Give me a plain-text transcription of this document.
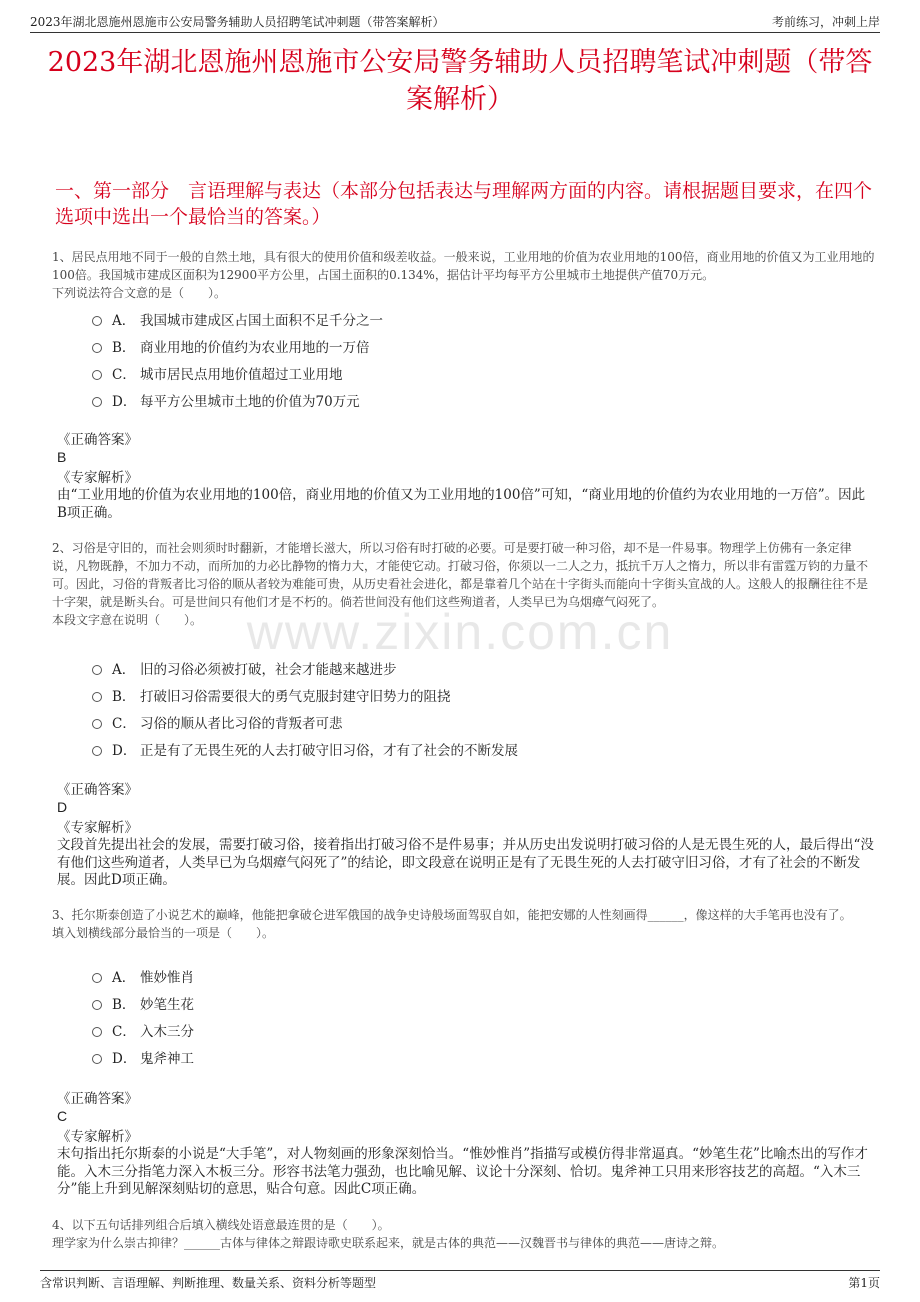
2023年湖北恩施州恩施市公安局警务辅助人员招聘笔试冲刺题（带答案解析）	考前练习，冲刺上岸
2023年湖北恩施州恩施市公安局警务辅助人员招聘笔试冲刺题（带答案解析）
一、第一部分　言语理解与表达（本部分包括表达与理解两方面的内容。请根据题目要求，在四个选项中选出一个最恰当的答案。）

1、居民点用地不同于一般的自然土地，具有很大的使用价值和级差收益。一般来说，工业用地的价值为农业用地的100倍，商业用地的价值又为工业用地的100倍。我国城市建成区面积为12900平方公里，占国土面积的0.134%，据估计平均每平方公里城市土地提供产值70万元。

下列说法符合文意的是（　　）。

A． 我国城市建成区占国土面积不足千分之一
B． 商业用地的价值约为农业用地的一万倍
C． 城市居民点用地价值超过工业用地
D． 每平方公里城市土地的价值为70万元
《正确答案》
B
《专家解析》
由“工业用地的价值为农业用地的100倍，商业用地的价值又为工业用地的100倍”可知，“商业用地的价值约为农业用地的一万倍”。因此B项正确。

2、习俗是守旧的，而社会则须时时翻新，才能增长滋大，所以习俗有时打破的必要。可是要打破一种习俗，却不是一件易事。物理学上仿佛有一条定律说，凡物既静，不加力不动，而所加的力必比静物的惰力大，才能使它动。打破习俗，你须以一二人之力，抵抗千万人之惰力，所以非有雷霆万钧的力量不可。因此，习俗的背叛者比习俗的顺从者较为难能可贵，从历史看社会进化，都是靠着几个站在十字街头而能向十字街头宣战的人。这般人的报酬往往不是十字架，就是断头台。可是世间只有他们才是不朽的。倘若世间没有他们这些殉道者，人类早已为乌烟瘴气闷死了。

本段文字意在说明（　　）。

A． 旧的习俗必须被打破，社会才能越来越进步
B． 打破旧习俗需要很大的勇气克服封建守旧势力的阻挠
C． 习俗的顺从者比习俗的背叛者可悲
D． 正是有了无畏生死的人去打破守旧习俗，才有了社会的不断发展
《正确答案》
D
《专家解析》
文段首先提出社会的发展，需要打破习俗，接着指出打破习俗不是件易事；并从历史出发说明打破习俗的人是无畏生死的人，最后得出“没有他们这些殉道者，人类早已为乌烟瘴气闷死了”的结论，即文段意在说明正是有了无畏生死的人去打破守旧习俗，才有了社会的不断发展。因此D项正确。

3、托尔斯泰创造了小说艺术的巅峰，他能把拿破仑进军俄国的战争史诗般场面驾驭自如，能把安娜的人性刻画得______，像这样的大手笔再也没有了。

填入划横线部分最恰当的一项是（　　）。

A． 惟妙惟肖
B． 妙笔生花
C． 入木三分
D． 鬼斧神工
《正确答案》
C
《专家解析》
末句指出托尔斯泰的小说是“大手笔”，对人物刻画的形象深刻恰当。“惟妙惟肖”指描写或模仿得非常逼真。“妙笔生花”比喻杰出的写作才能。入木三分指笔力深入木板三分。形容书法笔力强劲，也比喻见解、议论十分深刻、恰切。鬼斧神工只用来形容技艺的高超。“入木三分”能上升到见解深刻贴切的意思，贴合句意。因此C项正确。

4、以下五句话排列组合后填入横线处语意最连贯的是（　　）。

理学家为什么崇古抑律？______古体与律体之辩跟诗歌史联系起来，就是古体的典范——汉魏晋书与律体的典范——唐诗之辩。

www.zixin.com.cn
含常识判断、言语理解、判断推理、数量关系、资料分析等题型	第1页
